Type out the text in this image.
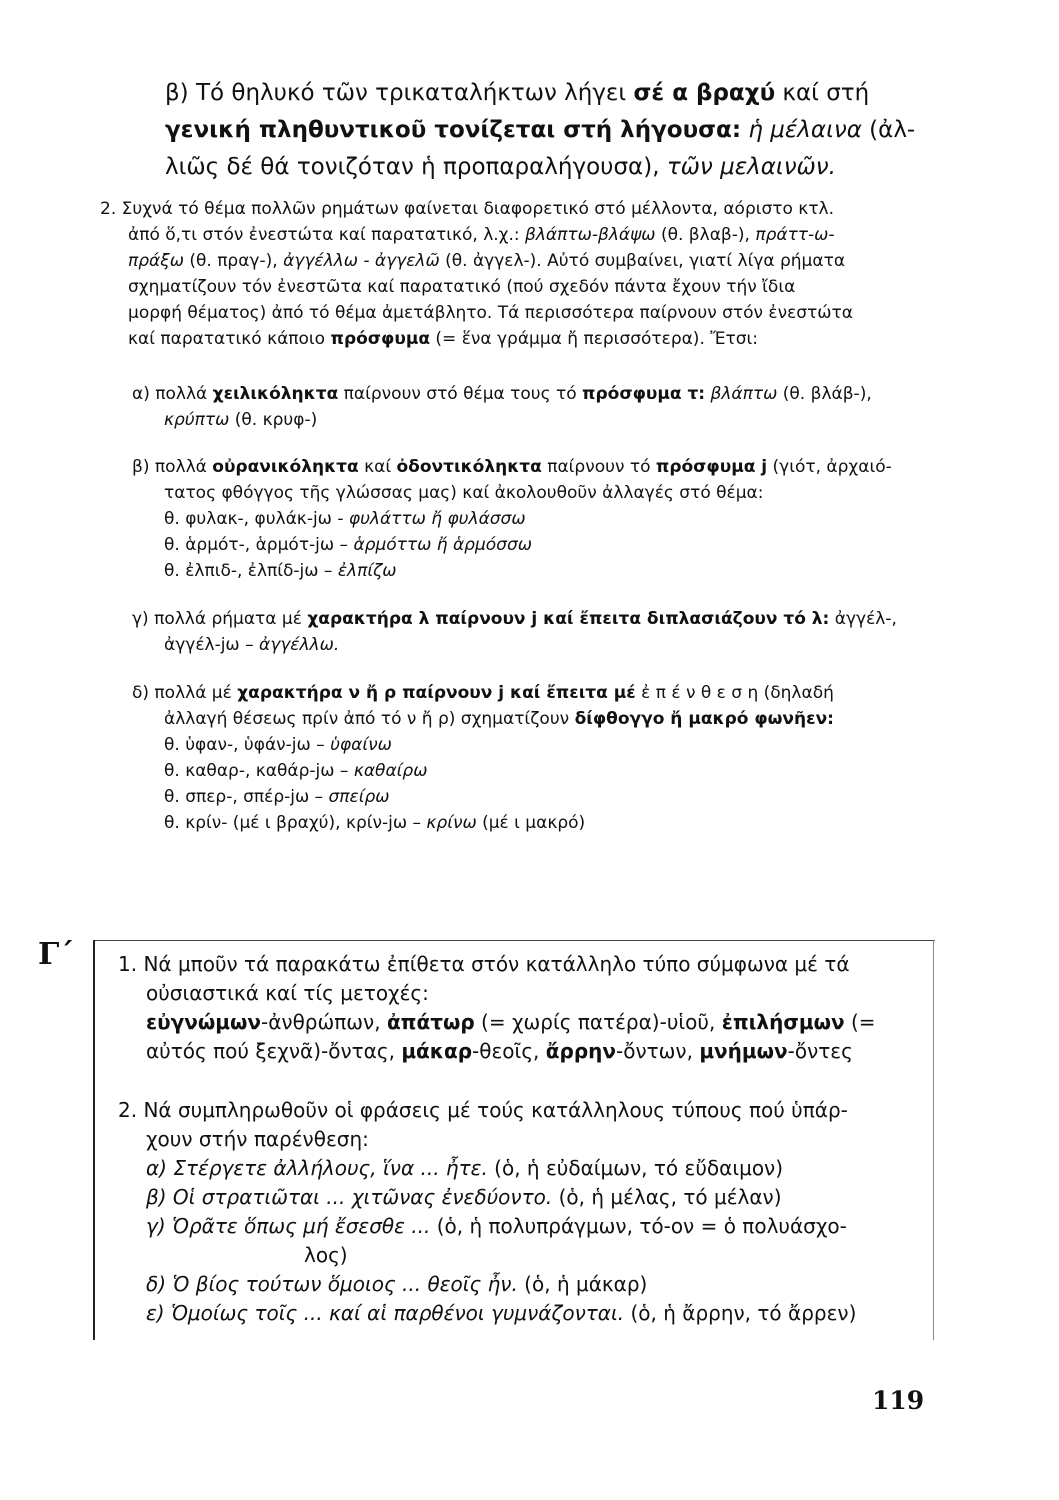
β) Τό θηλυκό τῶν τρικαταλήκτων λήγει σέ α βραχύ καί στή
γενική πληθυντικοῦ τονίζεται στή λήγουσα: ἡ μέλαινα (ἀλ-
λιῶς δέ θά τονιζόταν ἡ προπαραλήγουσα), τῶν μελαινῶν.
2. Συχνά τό θέμα πολλῶν ρημάτων φαίνεται διαφορετικό στό μέλλοντα, αόριστο κτλ.
ἀπό ὅ,τι στόν ἐνεστώτα καί παρατατικό, λ.χ.: βλάπτω-βλάψω (θ. βλαβ-), πράττ-ω-
πράξω (θ. πραγ-), ἀγγέλλω - ἀγγελῶ (θ. ἀγγελ-). Αὐτό συμβαίνει, γιατί λίγα ρήματα
σχηματίζουν τόν ἐνεστῶτα καί παρατατικό (πού σχεδόν πάντα ἔχουν τήν ἴδια
μορφή θέματος) ἀπό τό θέμα ἀμετάβλητο. Τά περισσότερα παίρνουν στόν ἐνεστώτα
καί παρατατικό κάποιο πρόσφυμα (= ἕνα γράμμα ἤ περισσότερα). Ἔτσι:
α) πολλά χειλικόληκτα παίρνουν στό θέμα τους τό πρόσφυμα τ: βλάπτω (θ. βλάβ-),
κρύπτω (θ. κρυφ-)
β) πολλά οὐρανικόληκτα καί ὀδοντικόληκτα παίρνουν τό πρόσφυμα j (γιότ, ἀρχαιό-
τατος φθόγγος τῆς γλώσσας μας) καί ἀκολουθοῦν ἀλλαγές στό θέμα:
θ. φυλακ-, φυλάκ-jω - φυλάττω ἤ φυλάσσω
θ. ἁρμότ-, ἁρμότ-jω – ἁρμόττω ἤ ἁρμόσσω
θ. ἐλπιδ-, ἐλπίδ-jω – ἐλπίζω
γ) πολλά ρήματα μέ χαρακτήρα λ παίρνουν j καί ἔπειτα διπλασιάζουν τό λ: ἀγγέλ-,
ἀγγέλ-jω – ἀγγέλλω.
δ) πολλά μέ χαρακτήρα ν ἤ ρ παίρνουν j καί ἔπειτα μέ ἐ π έ ν θ ε σ η (δηλαδή
ἀλλαγή θέσεως πρίν ἀπό τό ν ἤ ρ) σχηματίζουν δίφθογγο ἤ μακρό φωνῆεν:
θ. ὑφαν-, ὑφάν-jω – ὑφαίνω
θ. καθαρ-, καθάρ-jω – καθαίρω
θ. σπερ-, σπέρ-jω – σπείρω
θ. κρίν- (μέ ι βραχύ), κρίν-jω – κρίνω (μέ ι μακρό)
Γ΄ 1. Νά μποῦν τά παρακάτω ἐπίθετα στόν κατάλληλο τύπο σύμφωνα μέ τά
οὐσιαστικά καί τίς μετοχές:
εὐγνώμων-ἀνθρώπων, ἀπάτωρ (= χωρίς πατέρα)-υἱοῦ, ἐπιλήσμων (=
αὐτός πού ξεχνᾶ)-ὄντας, μάκαρ-θεοῖς, ἄρρην-ὄντων, μνήμων-ὄντες
2. Νά συμπληρωθοῦν οἱ φράσεις μέ τούς κατάλληλους τύπους πού ὑπάρ-
χουν στήν παρένθεση:
α) Στέργετε ἀλλήλους, ἵνα ... ἦτε. (ὁ, ἡ εὐδαίμων, τό εὔδαιμον)
β) Οἱ στρατιῶται ... χιτῶνας ἐνεδύοντο. (ὁ, ἡ μέλας, τό μέλαν)
γ) Ὁρᾶτε ὅπως μή ἔσεσθε ... (ὁ, ἡ πολυπράγμων, τό-ον = ὁ πολυάσχο-
λος)
δ) Ὁ βίος τούτων ὅμοιος ... θεοῖς ἦν. (ὁ, ἡ μάκαρ)
ε) Ὁμοίως τοῖς ... καί αἱ παρθένοι γυμνάζονται. (ὁ, ἡ ἄρρην, τό ἄρρεν)
119
